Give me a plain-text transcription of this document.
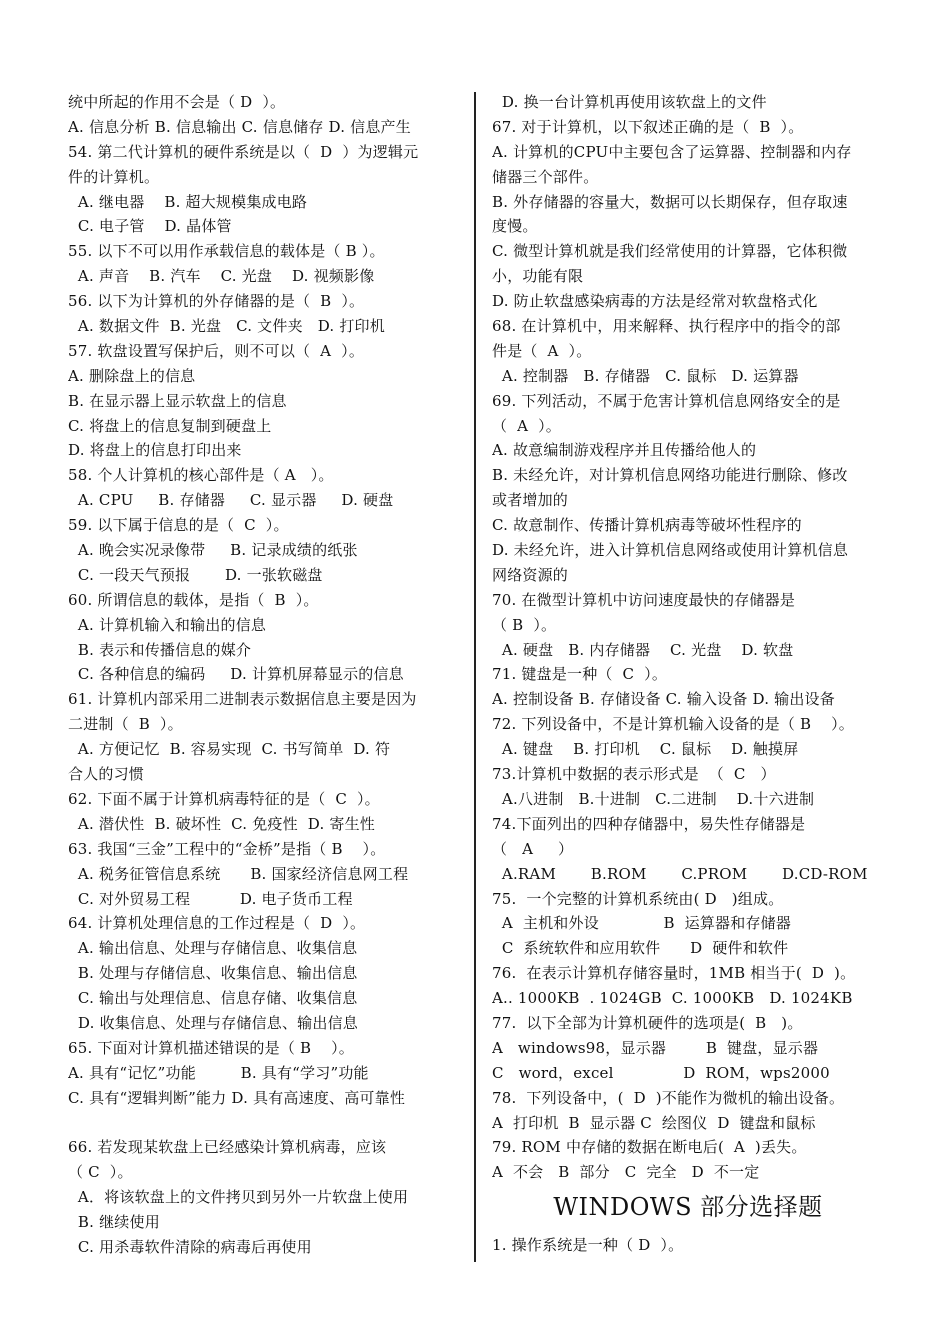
统中所起的作用不会是（ D  ）。
A. 信息分析 B. 信息输出 C. 信息储存 D. 信息产生
54. 第二代计算机的硬件系统是以（  D  ）为逻辑元
件的计算机。
A. 继电器    B. 超大规模集成电路
C. 电子管    D. 晶体管
55. 以下不可以用作承载信息的载体是（ B ）。
A. 声音    B. 汽车    C. 光盘    D. 视频影像
56. 以下为计算机的外存储器的是（  B  ）。
A. 数据文件  B. 光盘   C. 文件夹   D. 打印机
57. 软盘设置写保护后，则不可以（  A  ）。
A. 删除盘上的信息
B. 在显示器上显示软盘上的信息
C. 将盘上的信息复制到硬盘上
D. 将盘上的信息打印出来
58. 个人计算机的核心部件是（ A   ）。
A. CPU     B. 存储器     C. 显示器     D. 硬盘
59. 以下属于信息的是（  C  ）。
A. 晚会实况录像带     B. 记录成绩的纸张
C. 一段天气预报       D. 一张软磁盘
60. 所谓信息的载体，是指（  B  ）。
A. 计算机输入和输出的信息
B. 表示和传播信息的媒介
C. 各种信息的编码     D. 计算机屏幕显示的信息
61. 计算机内部采用二进制表示数据信息主要是因为
二进制（  B  ）。
A. 方便记忆  B. 容易实现  C. 书写简单  D. 符
合人的习惯
62. 下面不属于计算机病毒特征的是（  C  ）。
A. 潜伏性  B. 破坏性  C. 免疫性  D. 寄生性
63. 我国“三金”工程中的“金桥”是指（ B    ）。
A. 税务征管信息系统      B. 国家经济信息网工程
C. 对外贸易工程          D. 电子货币工程
64. 计算机处理信息的工作过程是（  D  ）。
A. 输出信息、处理与存储信息、收集信息
B. 处理与存储信息、收集信息、输出信息
C. 输出与处理信息、信息存储、收集信息
D. 收集信息、处理与存储信息、输出信息
65. 下面对计算机描述错误的是（ B    ）。
A. 具有“记忆”功能         B. 具有“学习”功能
C. 具有“逻辑判断”能力 D. 具有高速度、高可靠性
66. 若发现某软盘上已经感染计算机病毒，应该
（ C  ）。
A．将该软盘上的文件拷贝到另外一片软盘上使用
B. 继续使用
C. 用杀毒软件清除的病毒后再使用
D. 换一台计算机再使用该软盘上的文件
67. 对于计算机，以下叙述正确的是（  B  ）。
A. 计算机的CPU中主要包含了运算器、控制器和内存
储器三个部件。
B. 外存储器的容量大，数据可以长期保存，但存取速
度慢。
C. 微型计算机就是我们经常使用的计算器，它体积微
小，功能有限
D. 防止软盘感染病毒的方法是经常对软盘格式化
68. 在计算机中，用来解释、执行程序中的指令的部
件是（  A  ）。
A. 控制器   B. 存储器   C. 鼠标   D. 运算器
69. 下列活动，不属于危害计算机信息网络安全的是
（  A  ）。
A. 故意编制游戏程序并且传播给他人的
B. 未经允许，对计算机信息网络功能进行删除、修改
或者增加的
C. 故意制作、传播计算机病毒等破坏性程序的
D. 未经允许，进入计算机信息网络或使用计算机信息
网络资源的
70. 在微型计算机中访问速度最快的存储器是
（ B  ）。
A. 硬盘   B. 内存储器    C. 光盘    D. 软盘
71. 键盘是一种（  C  ）。
A. 控制设备 B. 存储设备 C. 输入设备 D. 输出设备
72. 下列设备中，不是计算机输入设备的是（ B    ）。
A. 键盘    B. 打印机    C. 鼠标    D. 触摸屏
73.计算机中数据的表示形式是  （  C   ）
A.八进制   B.十进制   C.二进制    D.十六进制
74.下面列出的四种存储器中，易失性存储器是
（   A     ）
A.RAM       B.ROM       C.PROM       D.CD-ROM
75.  一个完整的计算机系统由( D   )组成。
A  主机和外设             B  运算器和存储器
C  系统软件和应用软件      D  硬件和软件
76.  在表示计算机存储容量时，1MB 相当于(  D  )。
A.. 1000KB  . 1024GB  C. 1000KB   D. 1024KB
77.  以下全部为计算机硬件的选项是(  B   )。
A   windows98，显示器        B  键盘，显示器
C   word，excel              D  ROM，wps2000
78.  下列设备中，(  D  )不能作为微机的输出设备。
A  打印机  B  显示器 C  绘图仪  D  键盘和鼠标
79. ROM 中存储的数据在断电后(  A  )丢失。
A  不会   B  部分   C  完全   D  不一定
WINDOWS 部分选择题
1. 操作系统是一种（ D  ）。
